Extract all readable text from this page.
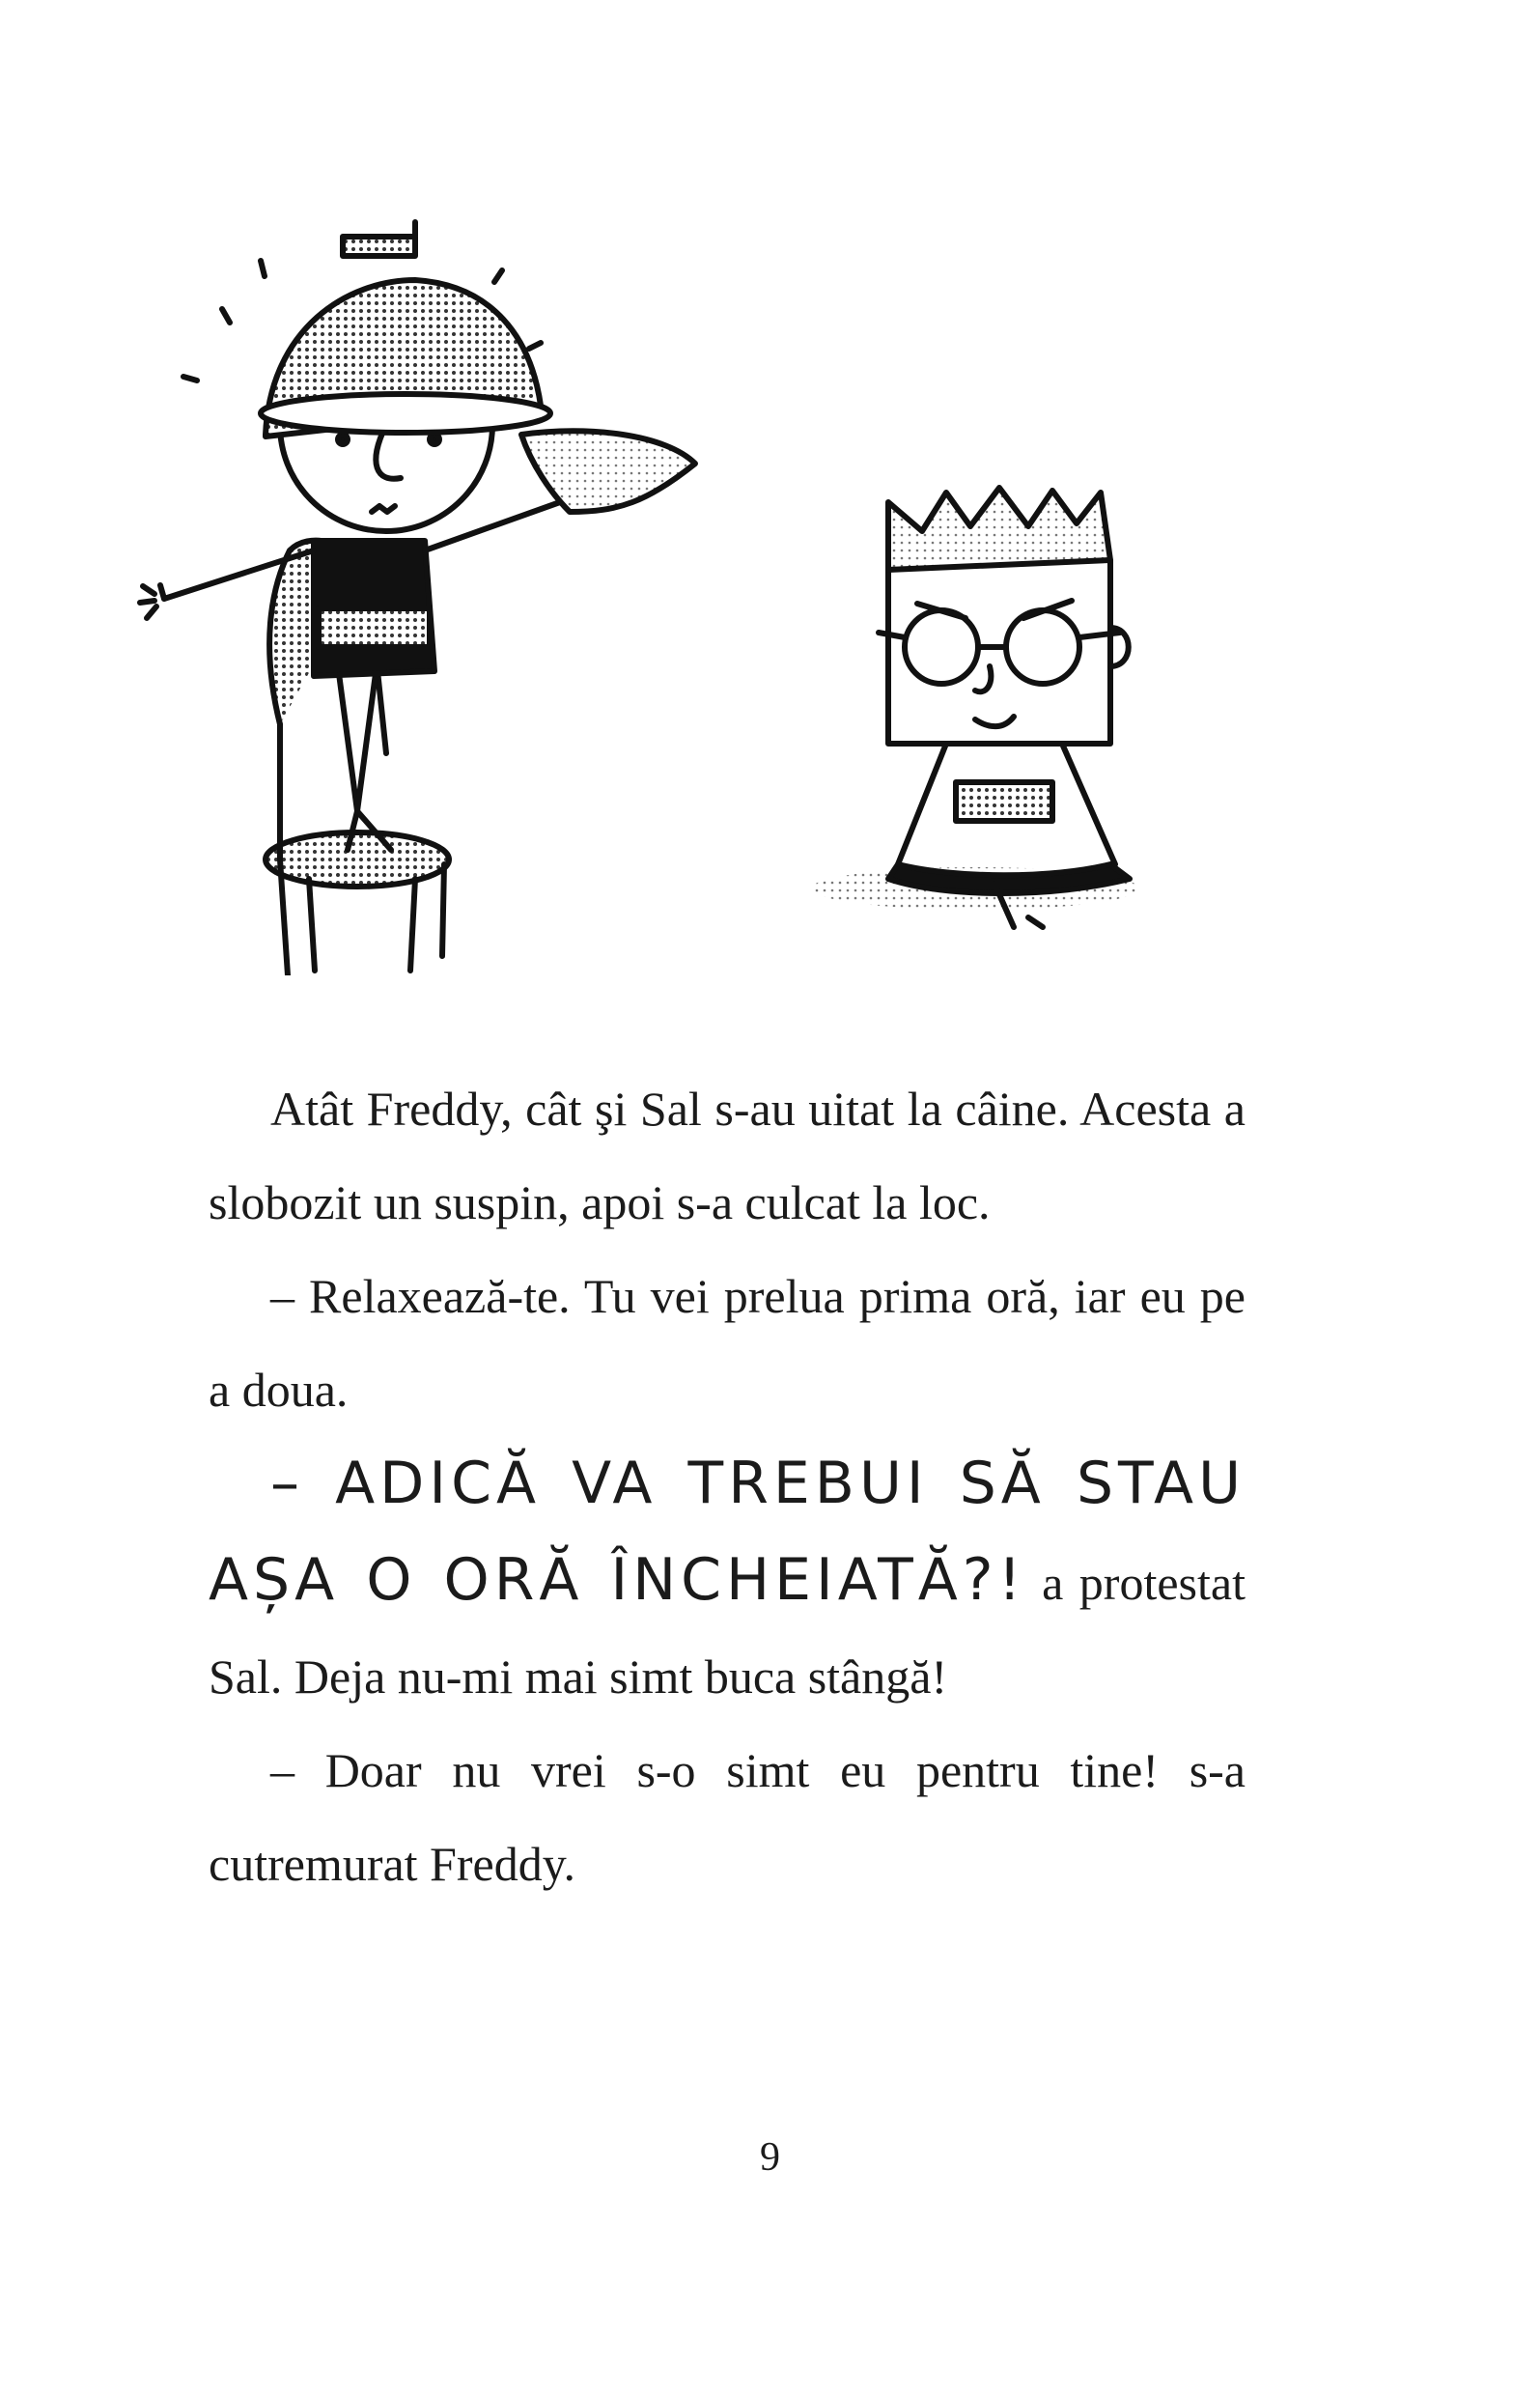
Atât Freddy, cât şi Sal s-au uitat la câine. Acesta a slobozit un suspin, apoi s-a culcat la loc.

– Relaxează-te. Tu vei prelua prima oră, iar eu pe a doua.

– ADICĂ VA TREBUI SĂ STAU AȘA O ORĂ ÎNCHEIATĂ?! a protestat Sal. Deja nu-mi mai simt buca stângă!

– Doar nu vrei s-o simt eu pentru tine! s-a cutremurat Freddy.

9
